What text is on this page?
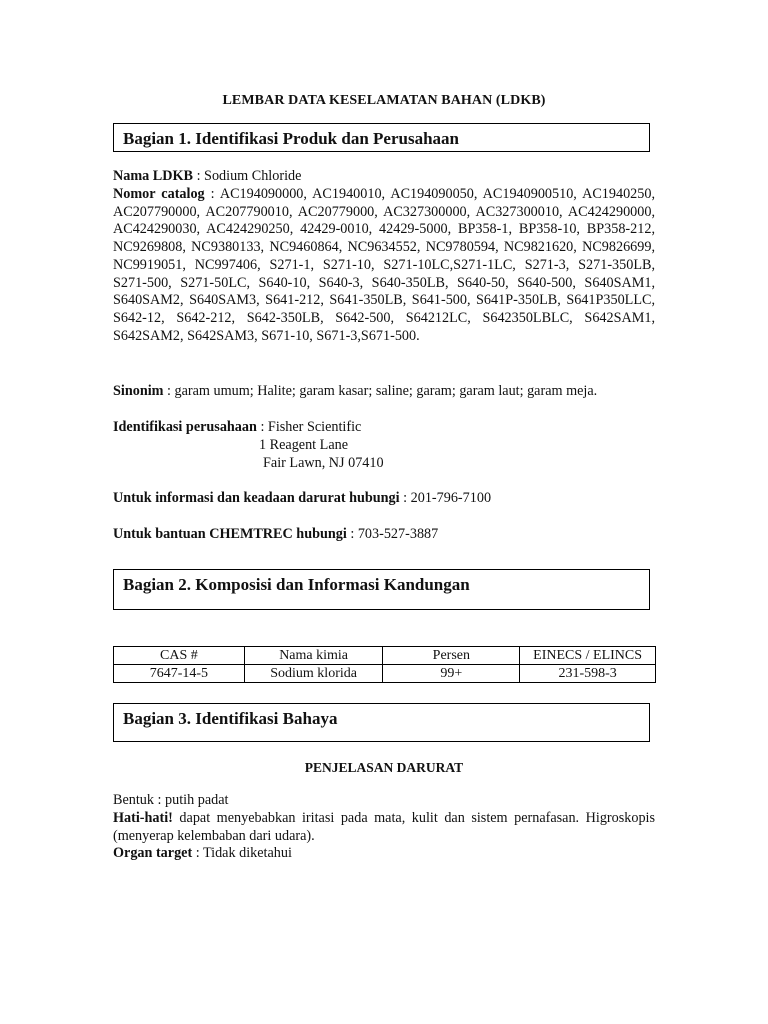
LEMBAR DATA KESELAMATAN BAHAN (LDKB)
Bagian 1. Identifikasi Produk dan Perusahaan
Nama LDKB : Sodium Chloride
Nomor catalog : AC194090000, AC1940010, AC194090050, AC1940900510, AC1940250, AC207790000, AC207790010, AC20779000, AC327300000, AC327300010, AC424290000, AC424290030, AC424290250, 42429-0010, 42429-5000, BP358-1, BP358-10, BP358-212, NC9269808, NC9380133, NC9460864, NC9634552, NC9780594, NC9821620, NC9826699, NC9919051, NC997406, S271-1, S271-10, S271-10LC,S271-1LC, S271-3, S271-350LB, S271-500, S271-50LC, S640-10, S640-3, S640-350LB, S640-50, S640-500, S640SAM1, S640SAM2, S640SAM3, S641-212, S641-350LB, S641-500, S641P-350LB, S641P350LLC, S642-12, S642-212, S642-350LB, S642-500, S64212LC, S642350LBLC, S642SAM1, S642SAM2, S642SAM3, S671-10, S671-3,S671-500.
Sinonim : garam umum; Halite; garam kasar; saline; garam; garam laut; garam meja.
Identifikasi perusahaan : Fisher Scientific
1 Reagent Lane
Fair Lawn, NJ 07410
Untuk informasi dan keadaan darurat hubungi : 201-796-7100
Untuk bantuan CHEMTREC hubungi : 703-527-3887
Bagian 2. Komposisi dan Informasi Kandungan
CAS #	Nama kimia	Persen	EINECS / ELINCS
7647-14-5	Sodium klorida	99+	231-598-3
Bagian 3. Identifikasi Bahaya
PENJELASAN DARURAT
Bentuk : putih padat
Hati-hati! dapat menyebabkan iritasi pada mata, kulit dan sistem pernafasan. Higroskopis (menyerap kelembaban dari udara).
Organ target : Tidak diketahui
